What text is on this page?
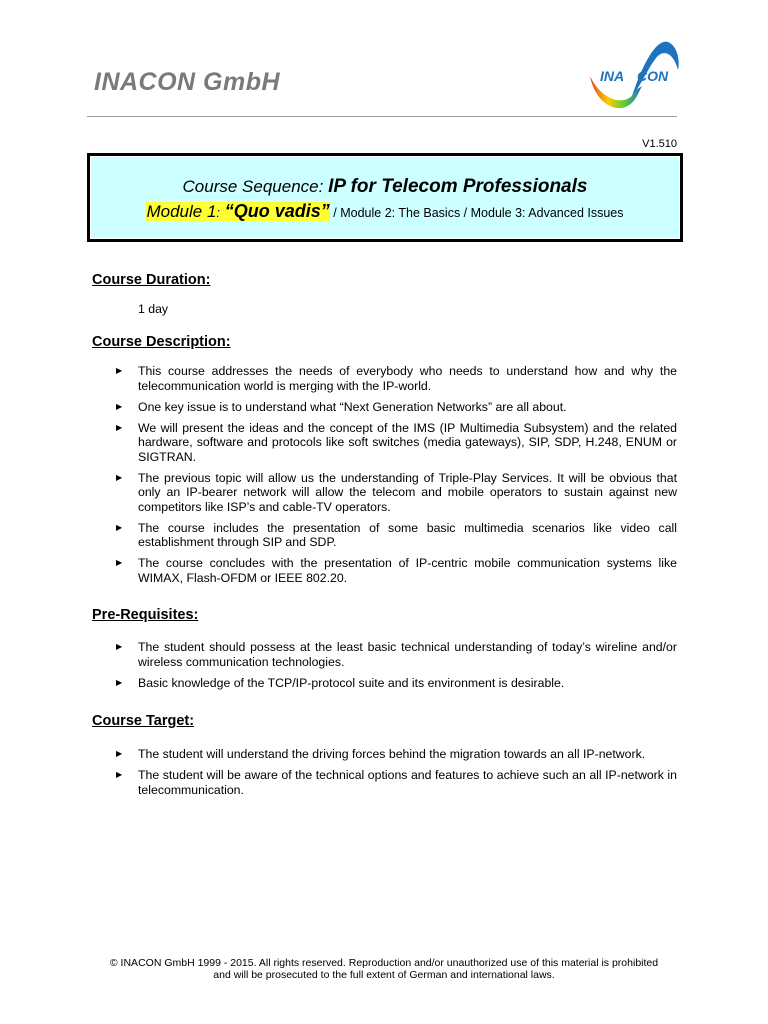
INACON GmbH	INA CON
V1.510
Course Sequence: IP for Telecom Professionals
Module 1: “Quo vadis” / Module 2: The Basics / Module 3: Advanced Issues
Course Duration:
1 day
Course Description:
▶ This course addresses the needs of everybody who needs to understand how and why the telecommunication world is merging with the IP-world.
▶ One key issue is to understand what “Next Generation Networks” are all about.
▶ We will present the ideas and the concept of the IMS (IP Multimedia Subsystem) and the related hardware, software and protocols like soft switches (media gateways), SIP, SDP, H.248, ENUM or SIGTRAN.
▶ The previous topic will allow us the understanding of Triple-Play Services. It will be obvious that only an IP-bearer network will allow the telecom and mobile operators to sustain against new competitors like ISP’s and cable-TV operators.
▶ The course includes the presentation of some basic multimedia scenarios like video call establishment through SIP and SDP.
▶ The course concludes with the presentation of IP-centric mobile communication systems like WIMAX, Flash-OFDM or IEEE 802.20.
Pre-Requisites:
▶ The student should possess at the least basic technical understanding of today’s wireline and/or wireless communication technologies.
▶ Basic knowledge of the TCP/IP-protocol suite and its environment is desirable.
Course Target:
▶ The student will understand the driving forces behind the migration towards an all IP-network.
▶ The student will be aware of the technical options and features to achieve such an all IP-network in telecommunication.
© INACON GmbH 1999 - 2015. All rights reserved. Reproduction and/or unauthorized use of this material is prohibited
and will be prosecuted to the full extent of German and international laws.
